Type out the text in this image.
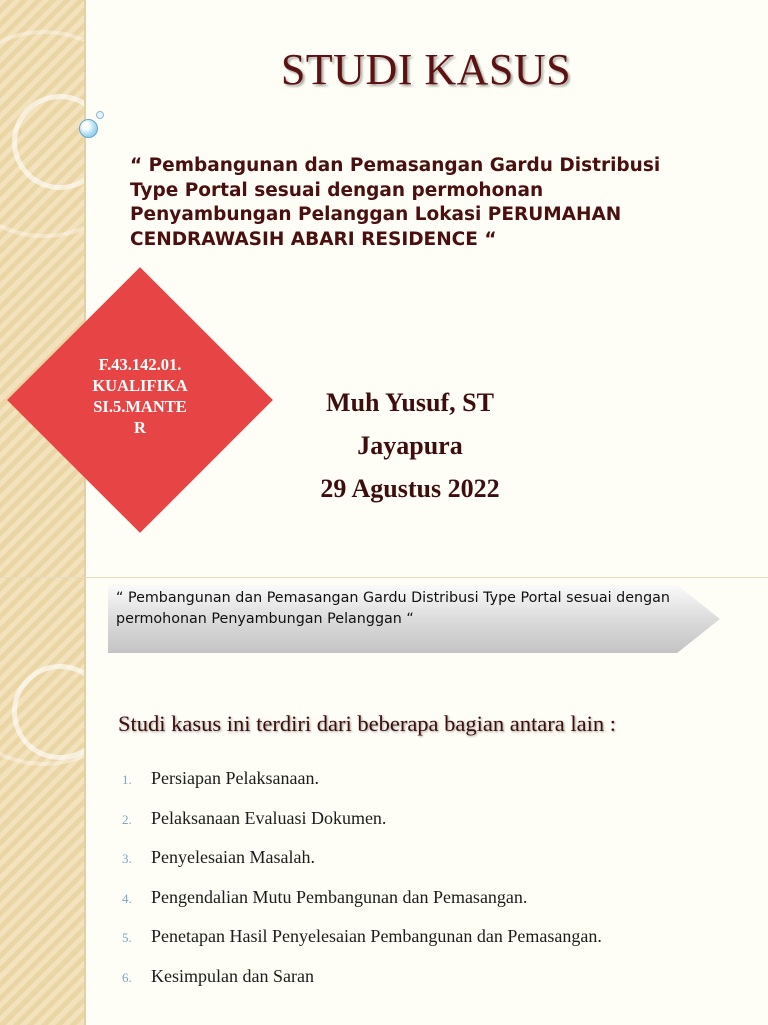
STUDI KASUS
“ Pembangunan dan Pemasangan Gardu Distribusi Type Portal sesuai dengan permohonan Penyambungan Pelanggan Lokasi PERUMAHAN CENDRAWASIH ABARI RESIDENCE “
F.43.142.01.
KUALIFIKA
SI.5.MANTE
R
Muh Yusuf, ST
Jayapura
29 Agustus 2022
“ Pembangunan dan Pemasangan Gardu Distribusi Type Portal sesuai dengan permohonan Penyambungan Pelanggan “
Studi kasus ini terdiri dari beberapa bagian antara lain :
1.	Persiapan Pelaksanaan.
2.	Pelaksanaan Evaluasi Dokumen.
3.	Penyelesaian Masalah.
4.	Pengendalian Mutu Pembangunan dan Pemasangan.
5.	Penetapan Hasil Penyelesaian Pembangunan dan Pemasangan.
6.	Kesimpulan dan Saran
